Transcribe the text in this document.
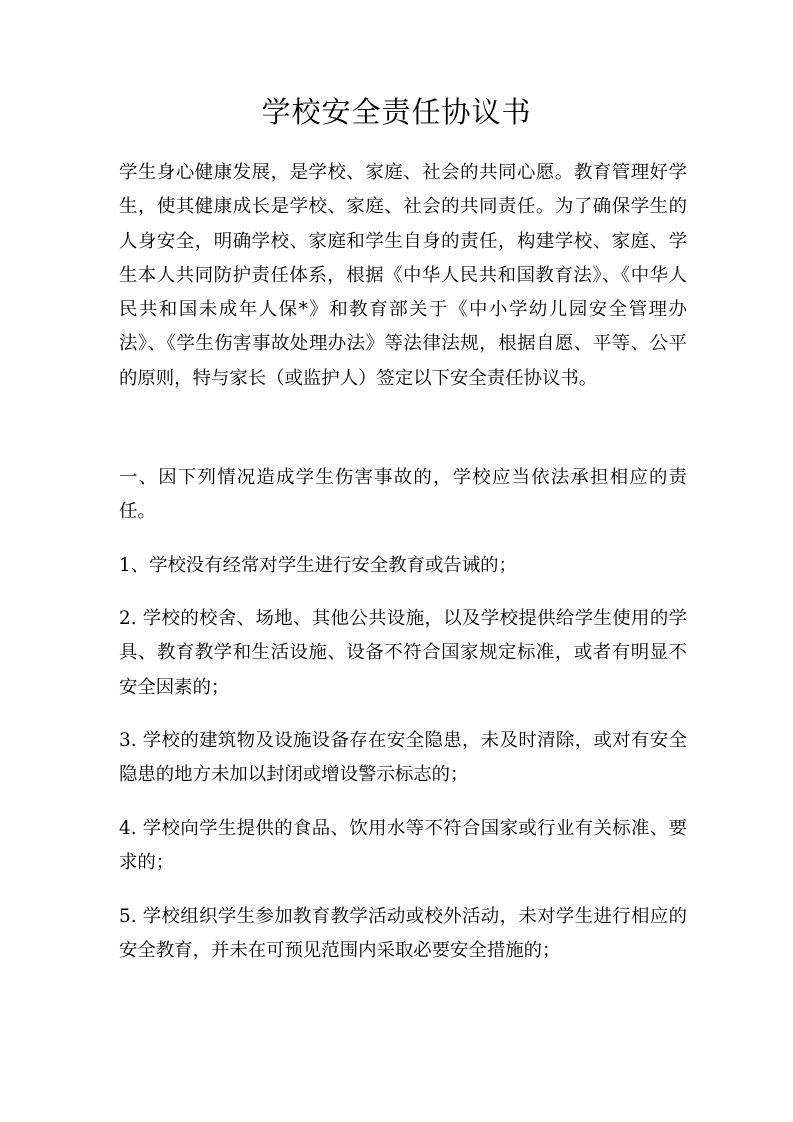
学校安全责任协议书

学生身心健康发展，是学校、家庭、社会的共同心愿。教育管理好学生，使其健康成长是学校、家庭、社会的共同责任。为了确保学生的人身安全，明确学校、家庭和学生自身的责任，构建学校、家庭、学生本人共同防护责任体系，根据《中华人民共和国教育法》、《中华人民共和国未成年人保*》和教育部关于《中小学幼儿园安全管理办法》、《学生伤害事故处理办法》等法律法规，根据自愿、平等、公平的原则，特与家长（或监护人）签定以下安全责任协议书。

一、因下列情况造成学生伤害事故的，学校应当依法承担相应的责任。

1、学校没有经常对学生进行安全教育或告诫的；

2. 学校的校舍、场地、其他公共设施，以及学校提供给学生使用的学具、教育教学和生活设施、设备不符合国家规定标准，或者有明显不安全因素的；

3. 学校的建筑物及设施设备存在安全隐患，未及时清除，或对有安全隐患的地方未加以封闭或增设警示标志的；

4. 学校向学生提供的食品、饮用水等不符合国家或行业有关标准、要求的；

5. 学校组织学生参加教育教学活动或校外活动，未对学生进行相应的安全教育，并未在可预见范围内采取必要安全措施的；
